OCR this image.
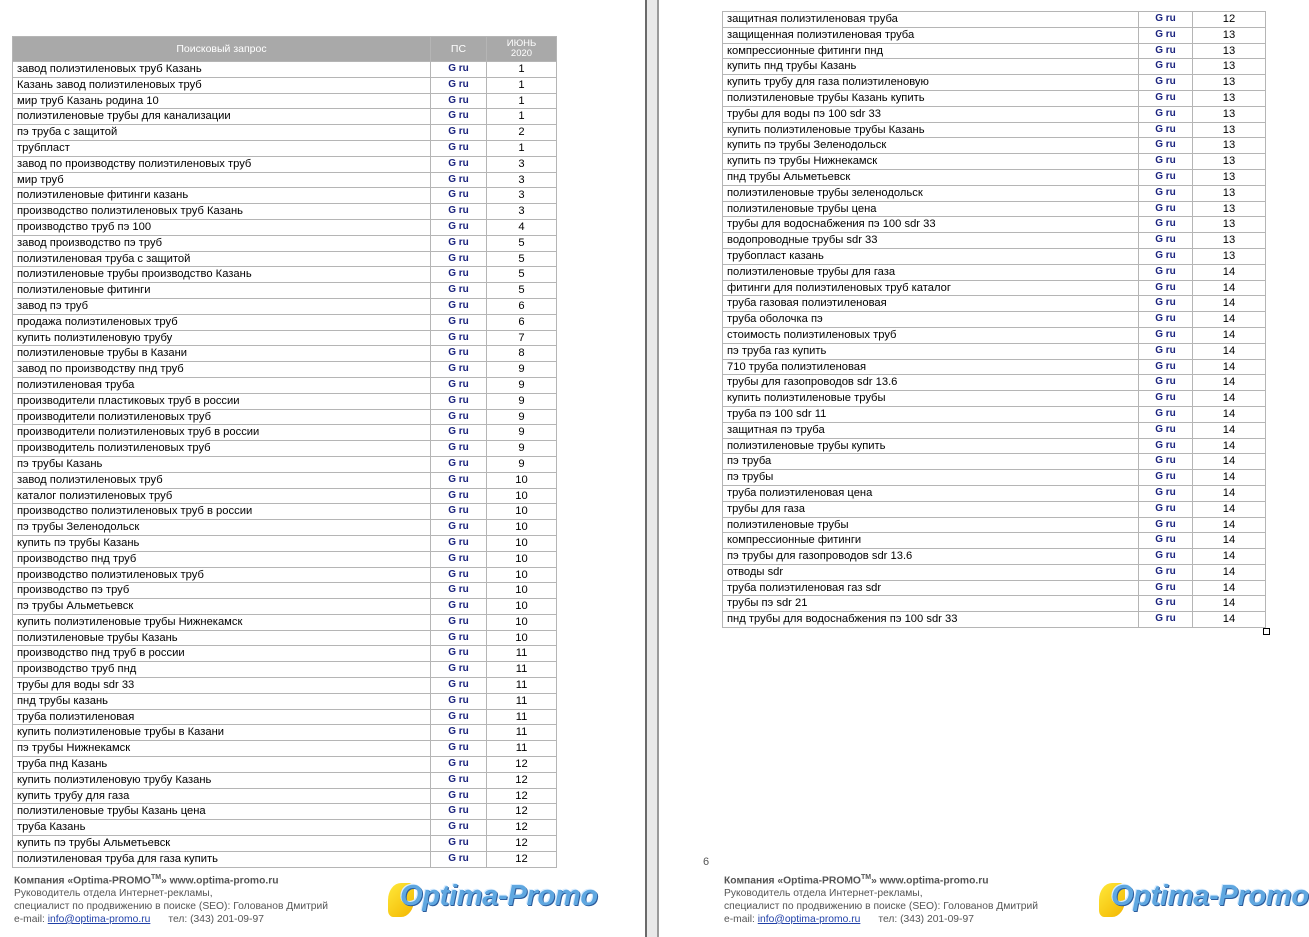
Поисковый запрос	ПС	ИЮНЬ
2020
завод полиэтиленовых труб Казань	G ru	1
Казань завод полиэтиленовых труб	G ru	1
мир труб Казань родина 10	G ru	1
полиэтиленовые трубы для канализации	G ru	1
пэ труба с защитой	G ru	2
трубпласт	G ru	1
завод по производству полиэтиленовых труб	G ru	3
мир труб	G ru	3
полиэтиленовые фитинги казань	G ru	3
производство полиэтиленовых труб Казань	G ru	3
производство труб пэ 100	G ru	4
завод производство пэ труб	G ru	5
полиэтиленовая труба с защитой	G ru	5
полиэтиленовые трубы производство Казань	G ru	5
полиэтиленовые фитинги	G ru	5
завод пэ труб	G ru	6
продажа полиэтиленовых труб	G ru	6
купить полиэтиленовую трубу	G ru	7
полиэтиленовые трубы в Казани	G ru	8
завод по производству пнд труб	G ru	9
полиэтиленовая труба	G ru	9
производители пластиковых труб в россии	G ru	9
производители полиэтиленовых труб	G ru	9
производители полиэтиленовых труб в россии	G ru	9
производитель полиэтиленовых труб	G ru	9
пэ трубы Казань	G ru	9
завод полиэтиленовых труб	G ru	10
каталог полиэтиленовых труб	G ru	10
производство полиэтиленовых труб в россии	G ru	10
пэ трубы Зеленодольск	G ru	10
купить пэ трубы Казань	G ru	10
производство пнд труб	G ru	10
производство полиэтиленовых труб	G ru	10
производство пэ труб	G ru	10
пэ трубы Альметьевск	G ru	10
купить полиэтиленовые трубы Нижнекамск	G ru	10
полиэтиленовые трубы Казань	G ru	10
производство пнд труб в россии	G ru	11
производство труб пнд	G ru	11
трубы для воды sdr 33	G ru	11
пнд трубы казань	G ru	11
труба полиэтиленовая	G ru	11
купить полиэтиленовые трубы в Казани	G ru	11
пэ трубы Нижнекамск	G ru	11
труба пнд Казань	G ru	12
купить полиэтиленовую трубу Казань	G ru	12
купить трубу для газа	G ru	12
полиэтиленовые трубы Казань цена	G ru	12
труба Казань	G ru	12
купить пэ трубы Альметьевск	G ru	12
полиэтиленовая труба для газа купить	G ru	12
Компания «Optima-PROMO™» www.optima-promo.ru
Руководитель отдела Интернет-рекламы,
специалист по продвижению в поиске (SEO): Голованов Дмитрий
e-mail: info@optima-promo.ru тел: (343) 201-09-97
Optima-Promo
защитная полиэтиленовая труба	G ru	12
защищенная полиэтиленовая труба	G ru	13
компрессионные фитинги пнд	G ru	13
купить пнд трубы Казань	G ru	13
купить трубу для газа полиэтиленовую	G ru	13
полиэтиленовые трубы Казань купить	G ru	13
трубы для воды пэ 100 sdr 33	G ru	13
купить полиэтиленовые трубы Казань	G ru	13
купить пэ трубы Зеленодольск	G ru	13
купить пэ трубы Нижнекамск	G ru	13
пнд трубы Альметьевск	G ru	13
полиэтиленовые трубы зеленодольск	G ru	13
полиэтиленовые трубы цена	G ru	13
трубы для водоснабжения пэ 100 sdr 33	G ru	13
водопроводные трубы sdr 33	G ru	13
трубопласт казань	G ru	13
полиэтиленовые трубы для газа	G ru	14
фитинги для полиэтиленовых труб каталог	G ru	14
труба газовая полиэтиленовая	G ru	14
труба оболочка пэ	G ru	14
стоимость полиэтиленовых труб	G ru	14
пэ труба газ купить	G ru	14
710 труба полиэтиленовая	G ru	14
трубы для газопроводов sdr 13.6	G ru	14
купить полиэтиленовые трубы	G ru	14
труба пэ 100 sdr 11	G ru	14
защитная пэ труба	G ru	14
полиэтиленовые трубы купить	G ru	14
пэ труба	G ru	14
пэ трубы	G ru	14
труба полиэтиленовая цена	G ru	14
трубы для газа	G ru	14
полиэтиленовые трубы	G ru	14
компрессионные фитинги	G ru	14
пэ трубы для газопроводов sdr 13.6	G ru	14
отводы sdr	G ru	14
труба полиэтиленовая газ sdr	G ru	14
трубы пэ sdr 21	G ru	14
пнд трубы для водоснабжения пэ 100 sdr 33	G ru	14
6
Компания «Optima-PROMO™» www.optima-promo.ru
Руководитель отдела Интернет-рекламы,
специалист по продвижению в поиске (SEO): Голованов Дмитрий
e-mail: info@optima-promo.ru тел: (343) 201-09-97
Optima-Promo
